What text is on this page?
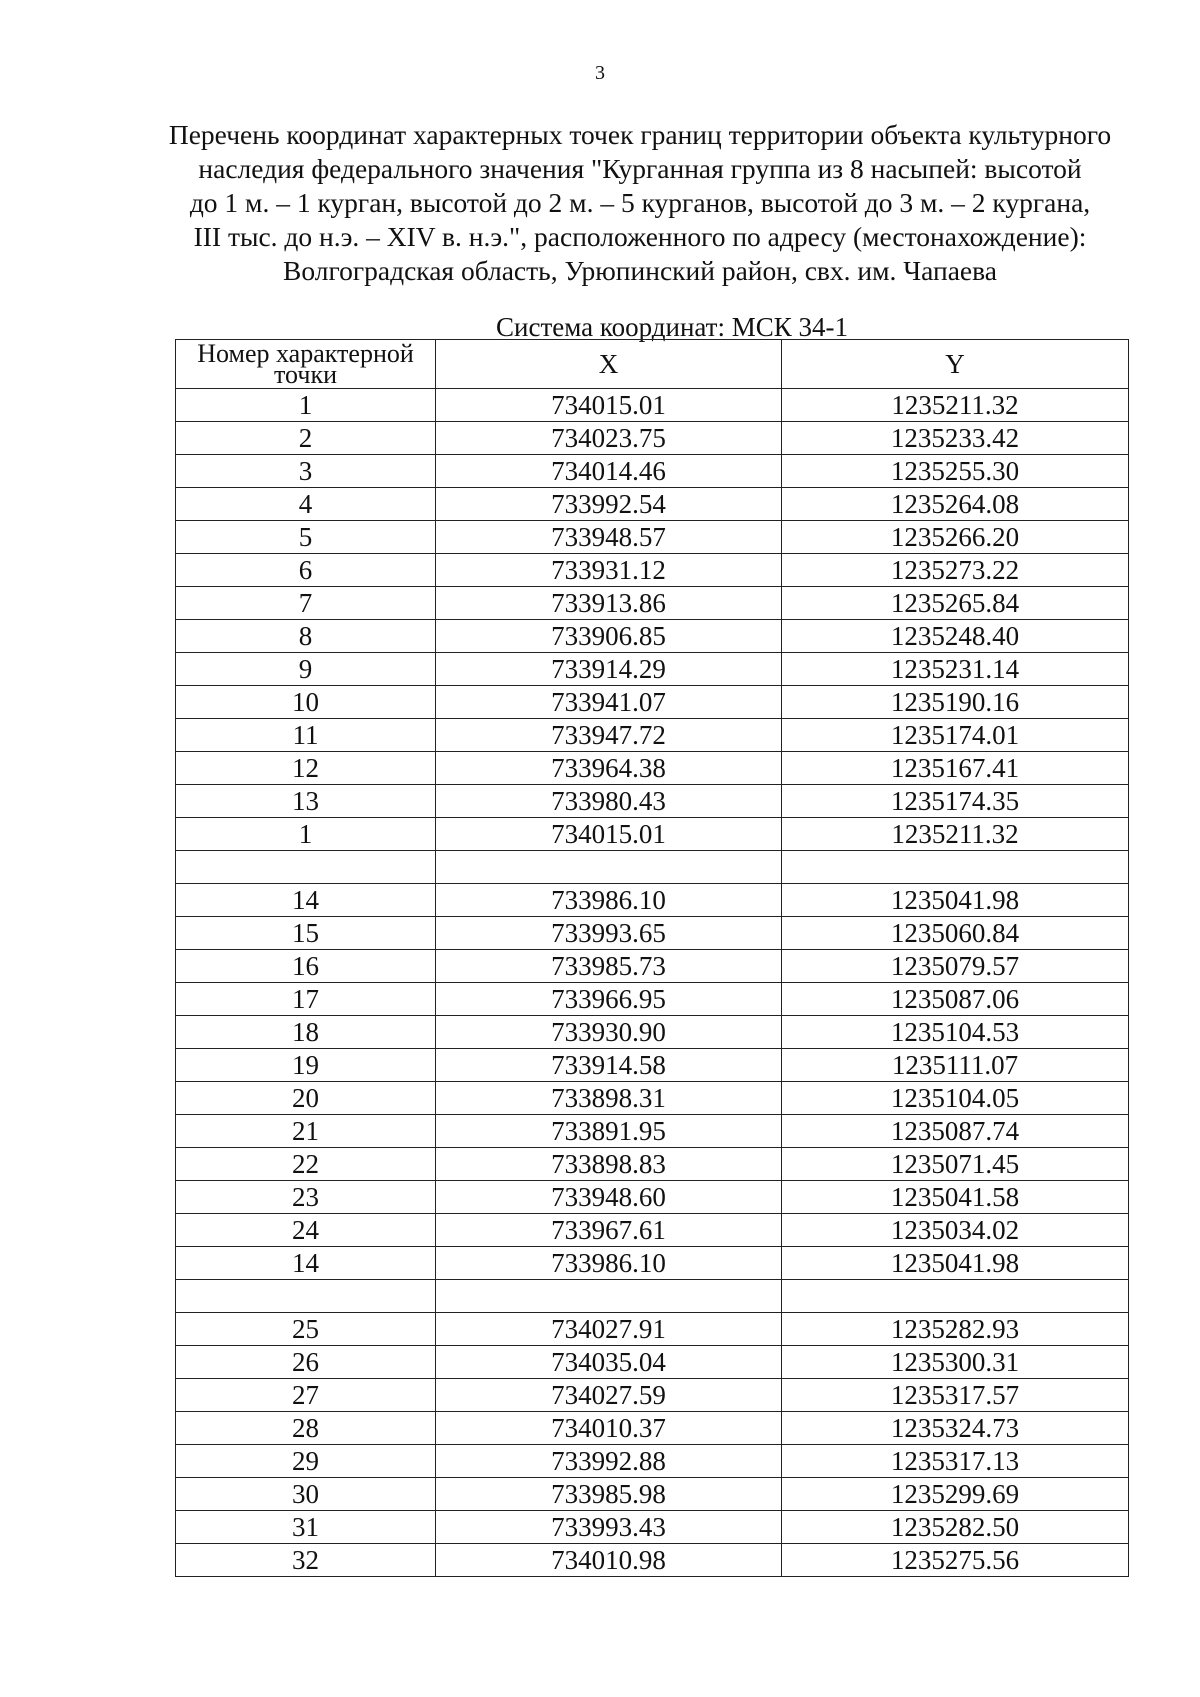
3
Перечень координат характерных точек границ территории объекта культурного
наследия федерального значения "Курганная группа из 8 насыпей: высотой
до 1 м. – 1 курган, высотой до 2 м. – 5 курганов, высотой до 3 м. – 2 кургана,
III тыс. до н.э. – XIV в. н.э.", расположенного по адресу (местонахождение):
Волгоградская область, Урюпинский район, свх. им. Чапаева
Система координат: МСК 34-1
Номер характерной
точки	X	Y
1	734015.01	1235211.32
2	734023.75	1235233.42
3	734014.46	1235255.30
4	733992.54	1235264.08
5	733948.57	1235266.20
6	733931.12	1235273.22
7	733913.86	1235265.84
8	733906.85	1235248.40
9	733914.29	1235231.14
10	733941.07	1235190.16
11	733947.72	1235174.01
12	733964.38	1235167.41
13	733980.43	1235174.35
1	734015.01	1235211.32

14	733986.10	1235041.98
15	733993.65	1235060.84
16	733985.73	1235079.57
17	733966.95	1235087.06
18	733930.90	1235104.53
19	733914.58	1235111.07
20	733898.31	1235104.05
21	733891.95	1235087.74
22	733898.83	1235071.45
23	733948.60	1235041.58
24	733967.61	1235034.02
14	733986.10	1235041.98

25	734027.91	1235282.93
26	734035.04	1235300.31
27	734027.59	1235317.57
28	734010.37	1235324.73
29	733992.88	1235317.13
30	733985.98	1235299.69
31	733993.43	1235282.50
32	734010.98	1235275.56
